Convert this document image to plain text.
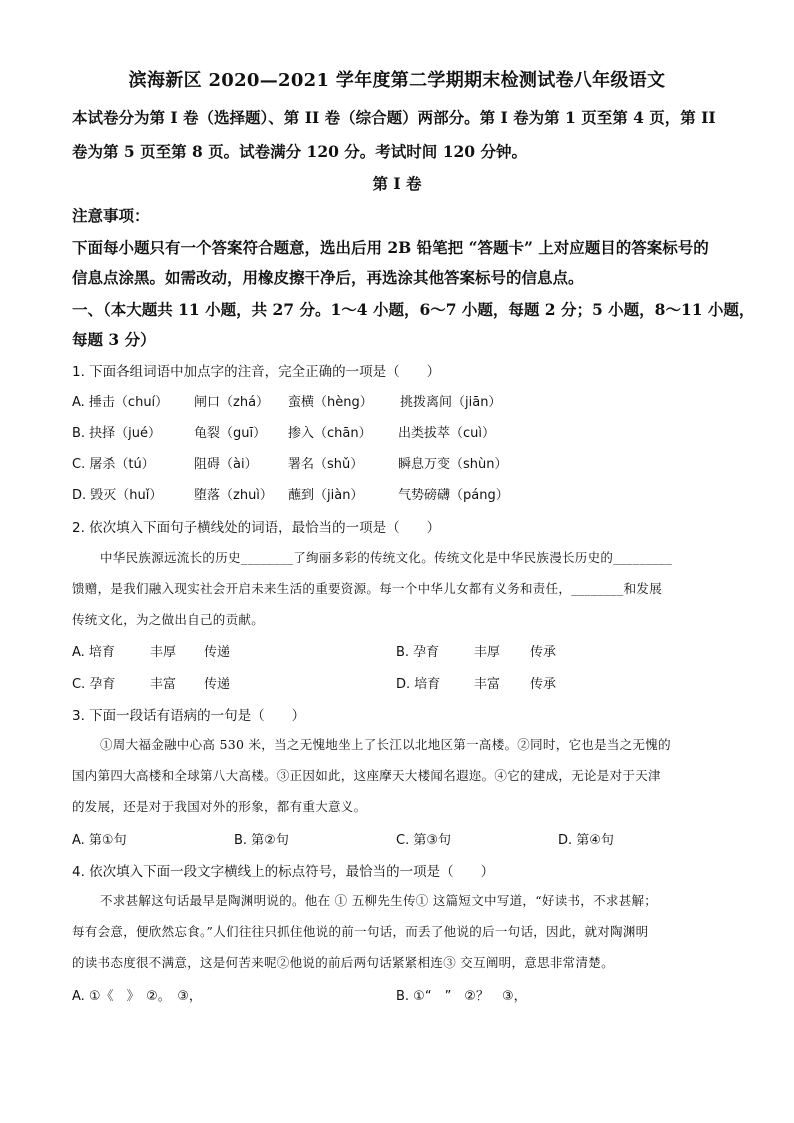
滨海新区 2020—2021 学年度第二学期期末检测试卷八年级语文
本试卷分为第 I 卷（选择题）、第 II 卷（综合题）两部分。第 I 卷为第 1 页至第 4 页，第 II
卷为第 5 页至第 8 页。试卷满分 120 分。考试时间 120 分钟。
第 I 卷
注意事项：
下面每小题只有一个答案符合题意，选出后用 2B 铅笔把 “答题卡” 上对应题目的答案标号的
信息点涂黑。如需改动，用橡皮擦干净后，再选涂其他答案标号的信息点。
一、（本大题共 11 小题，共 27 分。1～4 小题，6～7 小题，每题 2 分；5 小题，8～11 小题，
每题 3 分）
1. 下面各组词语中加点字的注音，完全正确的一项是（　　）
A. 捶击（chuí） 闸口（zhá） 蛮横（hèng） 挑拨离间（jiān）
B. 抉择（jué）	龟裂（guī） 掺入（chān） 出类拔萃（cuì）
C. 屠杀（tú）	阻碍（ài） 署名（shǔ）	瞬息万变（shùn）
D. 毁灭（huǐ） 堕落（zhuì） 蘸到（jiàn）	气势磅礴（páng）
2. 依次填入下面句子横线处的词语，最恰当的一项是（　　）
中华民族源远流长的历史________了绚丽多彩的传统文化。传统文化是中华民族漫长历史的_________
馈赠，是我们融入现实社会开启未来生活的重要资源。每一个中华儿女都有义务和责任，________和发展
传统文化，为之做出自己的贡献。
A. 培育	丰厚 传递	B. 孕育	丰厚 传承
C. 孕育	丰富 传递	D. 培育	丰富 传承
3. 下面一段话有语病的一句是（　　）
①周大福金融中心高 530 米，当之无愧地坐上了长江以北地区第一高楼。②同时，它也是当之无愧的
国内第四大高楼和全球第八大高楼。③正因如此，这座摩天大楼闻名遐迩。④它的建成，无论是对于天津
的发展，还是对于我国对外的形象，都有重大意义。
A. 第①句	B. 第②句	C. 第③句	D. 第④句
4. 依次填入下面一段文字横线上的标点符号，最恰当的一项是（　　）
不求甚解这句话最早是陶渊明说的。他在 ① 五柳先生传① 这篇短文中写道，“好读书，不求甚解；
每有会意，便欣然忘食。”人们往往只抓住他说的前一句话，而丢了他说的后一句话，因此，就对陶渊明
的读书态度很不满意，这是何苦来呢②他说的前后两句话紧紧相连③ 交互阐明，意思非常清楚。
A. ①《　》　②。　③，	B. ①“　”　②？　③，
